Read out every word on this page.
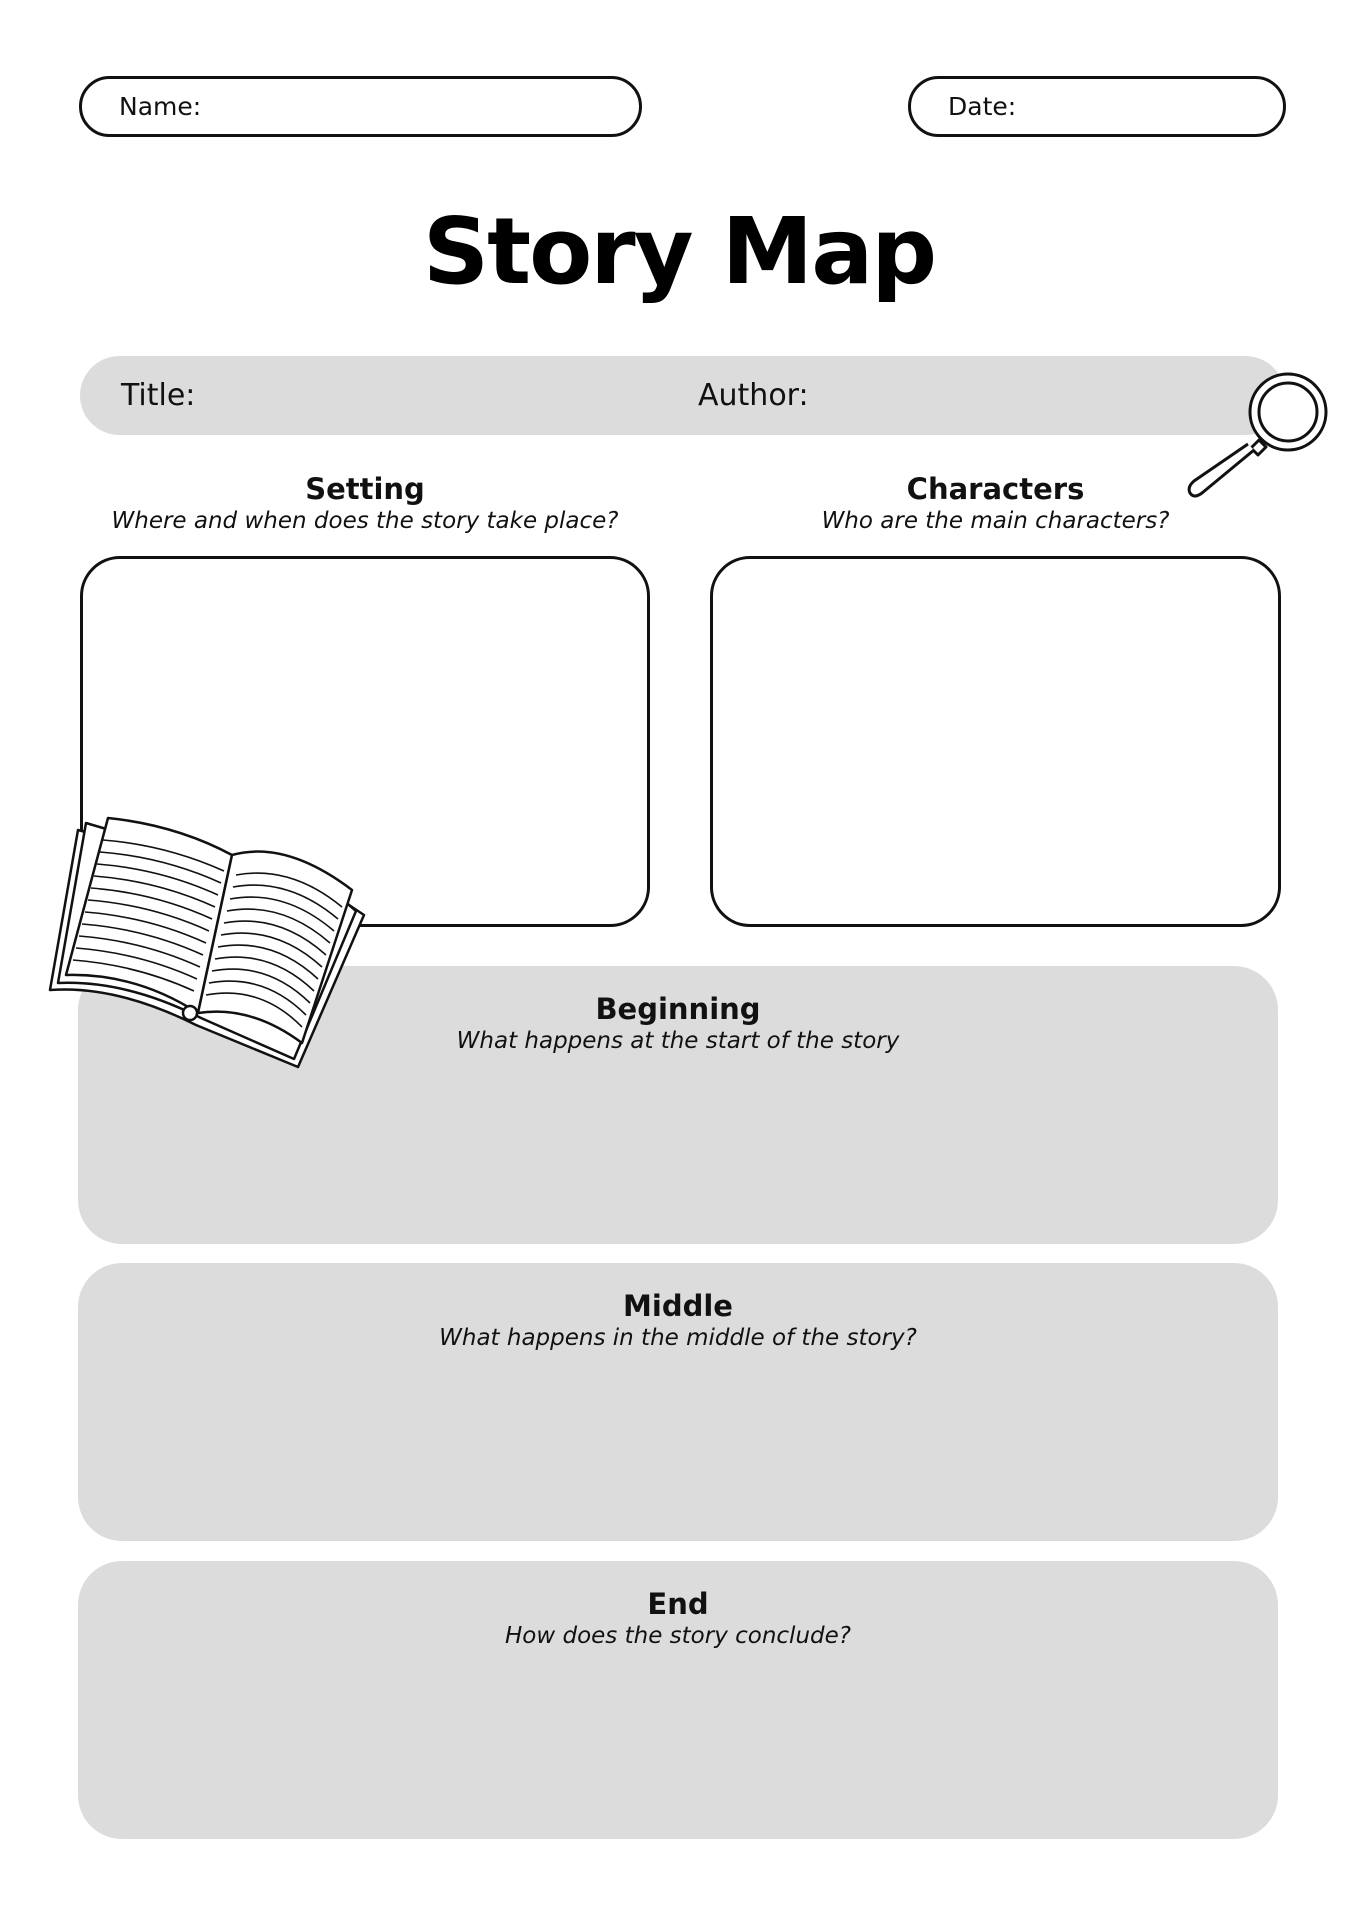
Name:	Date:
Story Map
Title:	Author:
Setting
Where and when does the story take place?
Characters
Who are the main characters?
Beginning
What happens at the start of the story
Middle
What happens in the middle of the story?
End
How does the story conclude?
